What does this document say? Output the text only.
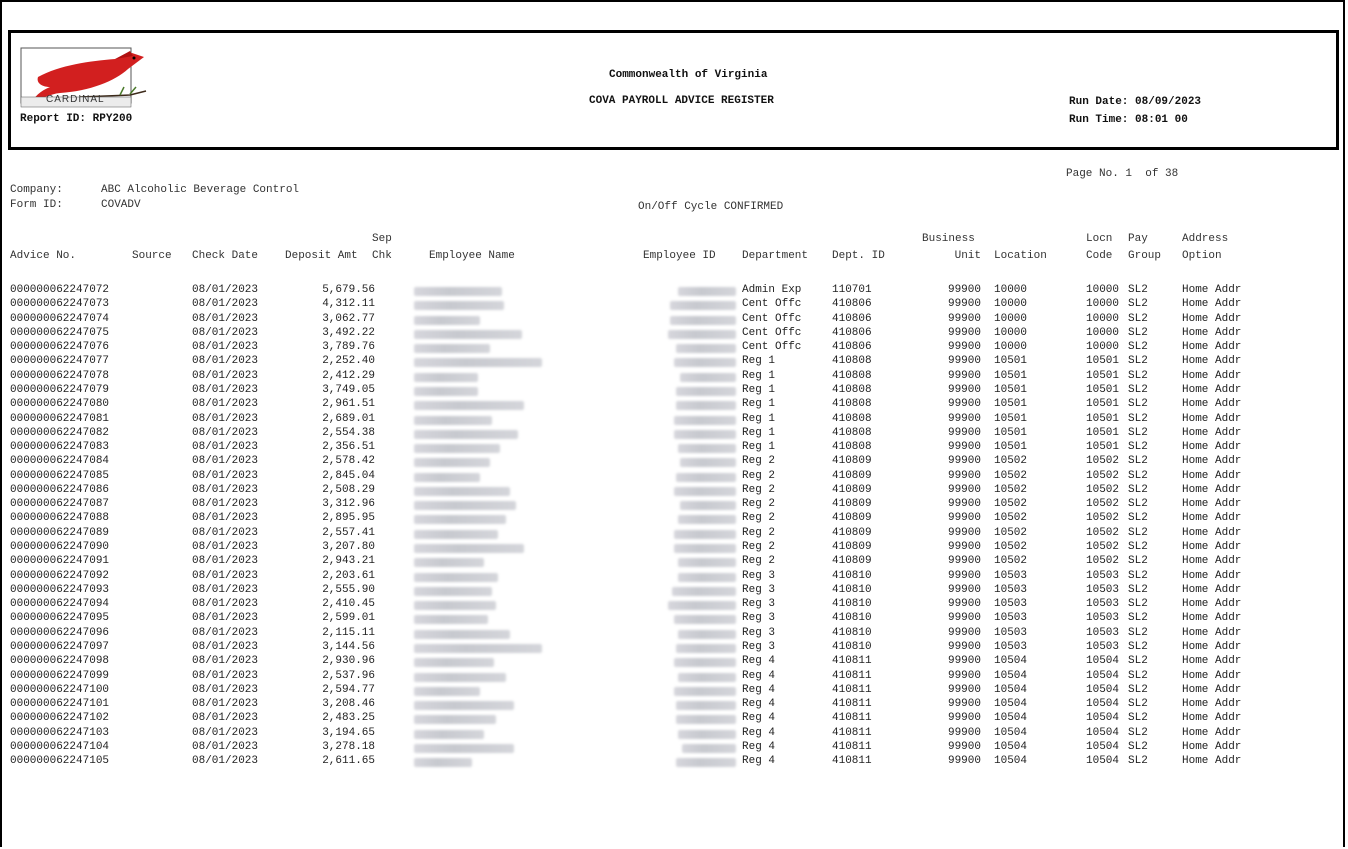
CARDINAL
Report ID: RPY200
Commonwealth of Virginia
COVA PAYROLL ADVICE REGISTER	Run Date: 08/09/2023
Run Time: 08:01 00
Page No. 1  of 38
Company:	ABC Alcoholic Beverage Control
Form ID:	COVADV	On/Off Cycle CONFIRMED
Sep	Business	Locn Pay	Address
Advice No.	Source Check Date Deposit Amt Chk	Employee Name	Employee ID Department Dept. ID	Unit Location	Code Group Option
000000062247072	08/01/2023	5,679.56	Admin Exp	110701	99900 10000	10000 SL2	Home Addr
000000062247073	08/01/2023	4,312.11	Cent Offc	410806	99900 10000	10000 SL2	Home Addr
000000062247074	08/01/2023	3,062.77	Cent Offc	410806	99900 10000	10000 SL2	Home Addr
000000062247075	08/01/2023	3,492.22	Cent Offc	410806	99900 10000	10000 SL2	Home Addr
000000062247076	08/01/2023	3,789.76	Cent Offc	410806	99900 10000	10000 SL2	Home Addr
000000062247077	08/01/2023	2,252.40	Reg 1	410808	99900 10501	10501 SL2	Home Addr
000000062247078	08/01/2023	2,412.29	Reg 1	410808	99900 10501	10501 SL2	Home Addr
000000062247079	08/01/2023	3,749.05	Reg 1	410808	99900 10501	10501 SL2	Home Addr
000000062247080	08/01/2023	2,961.51	Reg 1	410808	99900 10501	10501 SL2	Home Addr
000000062247081	08/01/2023	2,689.01	Reg 1	410808	99900 10501	10501 SL2	Home Addr
000000062247082	08/01/2023	2,554.38	Reg 1	410808	99900 10501	10501 SL2	Home Addr
000000062247083	08/01/2023	2,356.51	Reg 1	410808	99900 10501	10501 SL2	Home Addr
000000062247084	08/01/2023	2,578.42	Reg 2	410809	99900 10502	10502 SL2	Home Addr
000000062247085	08/01/2023	2,845.04	Reg 2	410809	99900 10502	10502 SL2	Home Addr
000000062247086	08/01/2023	2,508.29	Reg 2	410809	99900 10502	10502 SL2	Home Addr
000000062247087	08/01/2023	3,312.96	Reg 2	410809	99900 10502	10502 SL2	Home Addr
000000062247088	08/01/2023	2,895.95	Reg 2	410809	99900 10502	10502 SL2	Home Addr
000000062247089	08/01/2023	2,557.41	Reg 2	410809	99900 10502	10502 SL2	Home Addr
000000062247090	08/01/2023	3,207.80	Reg 2	410809	99900 10502	10502 SL2	Home Addr
000000062247091	08/01/2023	2,943.21	Reg 2	410809	99900 10502	10502 SL2	Home Addr
000000062247092	08/01/2023	2,203.61	Reg 3	410810	99900 10503	10503 SL2	Home Addr
000000062247093	08/01/2023	2,555.90	Reg 3	410810	99900 10503	10503 SL2	Home Addr
000000062247094	08/01/2023	2,410.45	Reg 3	410810	99900 10503	10503 SL2	Home Addr
000000062247095	08/01/2023	2,599.01	Reg 3	410810	99900 10503	10503 SL2	Home Addr
000000062247096	08/01/2023	2,115.11	Reg 3	410810	99900 10503	10503 SL2	Home Addr
000000062247097	08/01/2023	3,144.56	Reg 3	410810	99900 10503	10503 SL2	Home Addr
000000062247098	08/01/2023	2,930.96	Reg 4	410811	99900 10504	10504 SL2	Home Addr
000000062247099	08/01/2023	2,537.96	Reg 4	410811	99900 10504	10504 SL2	Home Addr
000000062247100	08/01/2023	2,594.77	Reg 4	410811	99900 10504	10504 SL2	Home Addr
000000062247101	08/01/2023	3,208.46	Reg 4	410811	99900 10504	10504 SL2	Home Addr
000000062247102	08/01/2023	2,483.25	Reg 4	410811	99900 10504	10504 SL2	Home Addr
000000062247103	08/01/2023	3,194.65	Reg 4	410811	99900 10504	10504 SL2	Home Addr
000000062247104	08/01/2023	3,278.18	Reg 4	410811	99900 10504	10504 SL2	Home Addr
000000062247105	08/01/2023	2,611.65	Reg 4	410811	99900 10504	10504 SL2	Home Addr
